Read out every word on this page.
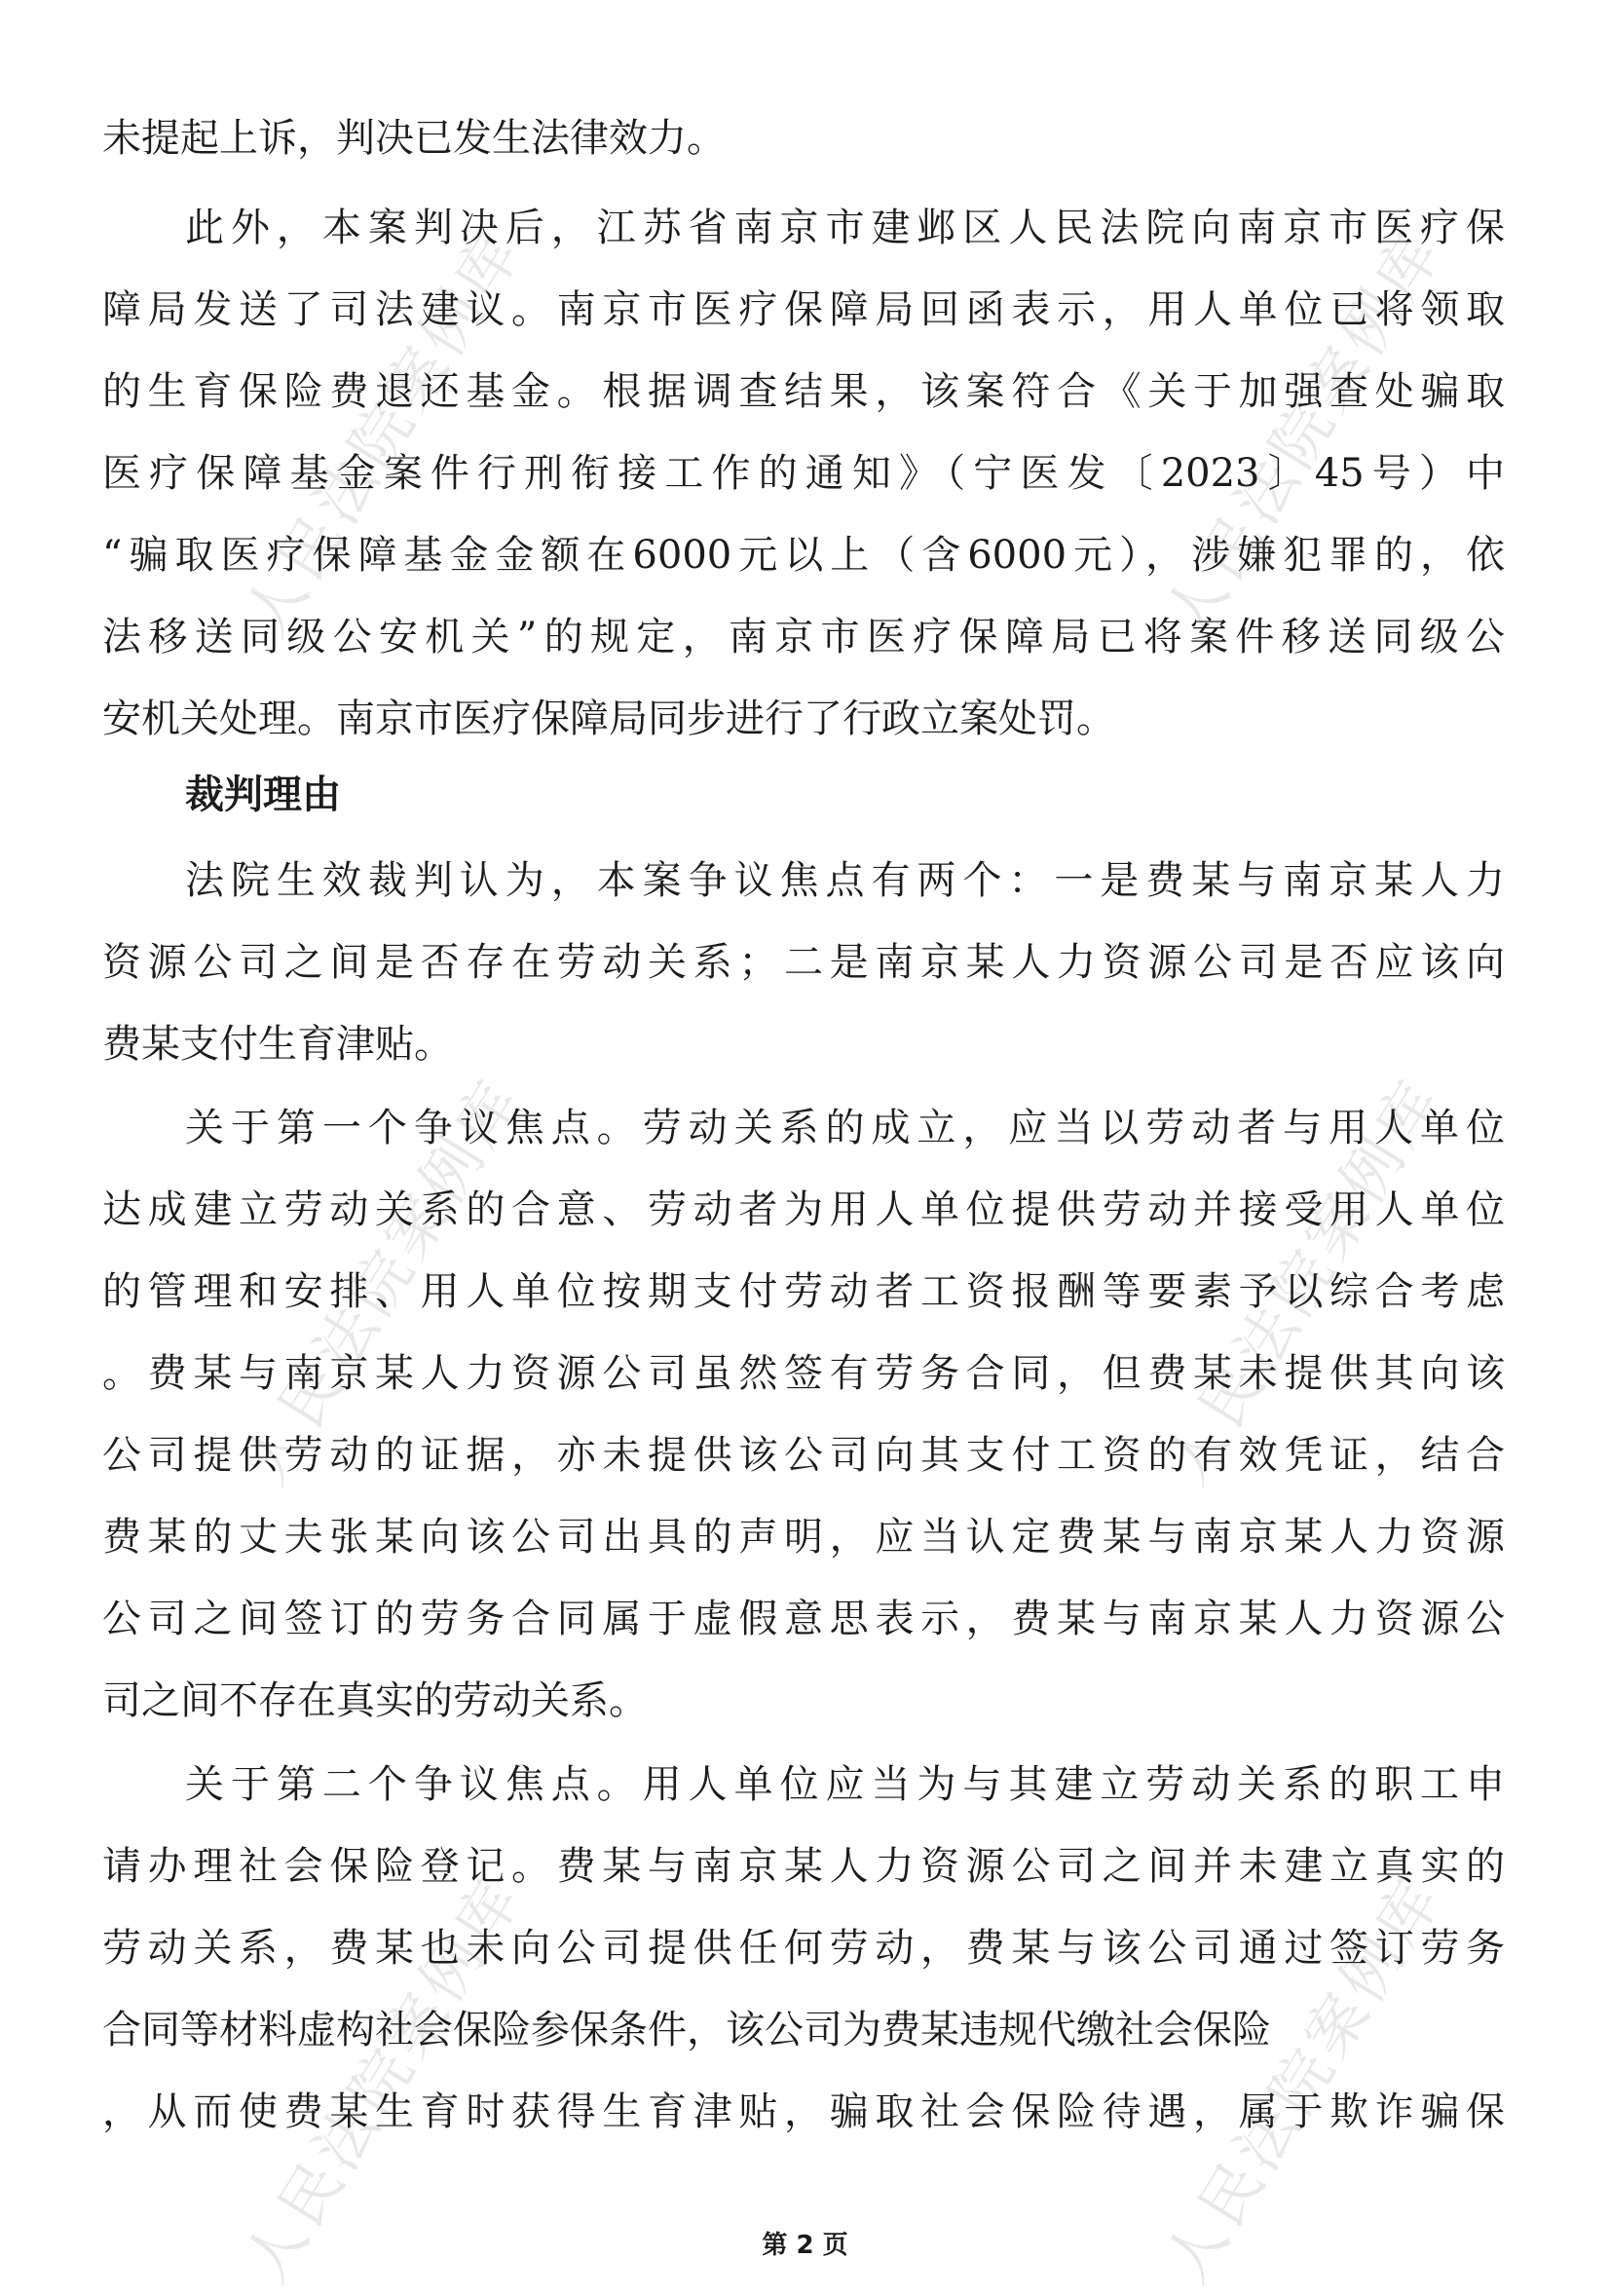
人民法院案例库	人民法院案例库
人民法院案例库	人民法院案例库
人民法院案例库	人民法院案例库
未提起上诉，判决已发生法律效力。
此外，本案判决后，江苏省南京市建邺区人民法院向南京市医疗保
障局发送了司法建议。南京市医疗保障局回函表示，用人单位已将领取
的生育保险费退还基金。根据调查结果，该案符合《关于加强查处骗取
医疗保障基金案件行刑衔接工作的通知》（宁医发〔2023〕45号）中
“骗取医疗保障基金金额在6000元以上（含6000元），涉嫌犯罪的，依
法移送同级公安机关”的规定，南京市医疗保障局已将案件移送同级公
安机关处理。南京市医疗保障局同步进行了行政立案处罚。
裁判理由
法院生效裁判认为，本案争议焦点有两个：一是费某与南京某人力
资源公司之间是否存在劳动关系；二是南京某人力资源公司是否应该向
费某支付生育津贴。
关于第一个争议焦点。劳动关系的成立，应当以劳动者与用人单位
达成建立劳动关系的合意、劳动者为用人单位提供劳动并接受用人单位
的管理和安排、用人单位按期支付劳动者工资报酬等要素予以综合考虑
。费某与南京某人力资源公司虽然签有劳务合同，但费某未提供其向该
公司提供劳动的证据，亦未提供该公司向其支付工资的有效凭证，结合
费某的丈夫张某向该公司出具的声明，应当认定费某与南京某人力资源
公司之间签订的劳务合同属于虚假意思表示，费某与南京某人力资源公
司之间不存在真实的劳动关系。
关于第二个争议焦点。用人单位应当为与其建立劳动关系的职工申
请办理社会保险登记。费某与南京某人力资源公司之间并未建立真实的
劳动关系，费某也未向公司提供任何劳动，费某与该公司通过签订劳务
合同等材料虚构社会保险参保条件，该公司为费某违规代缴社会保险
，从而使费某生育时获得生育津贴，骗取社会保险待遇，属于欺诈骗保
第 2 页
